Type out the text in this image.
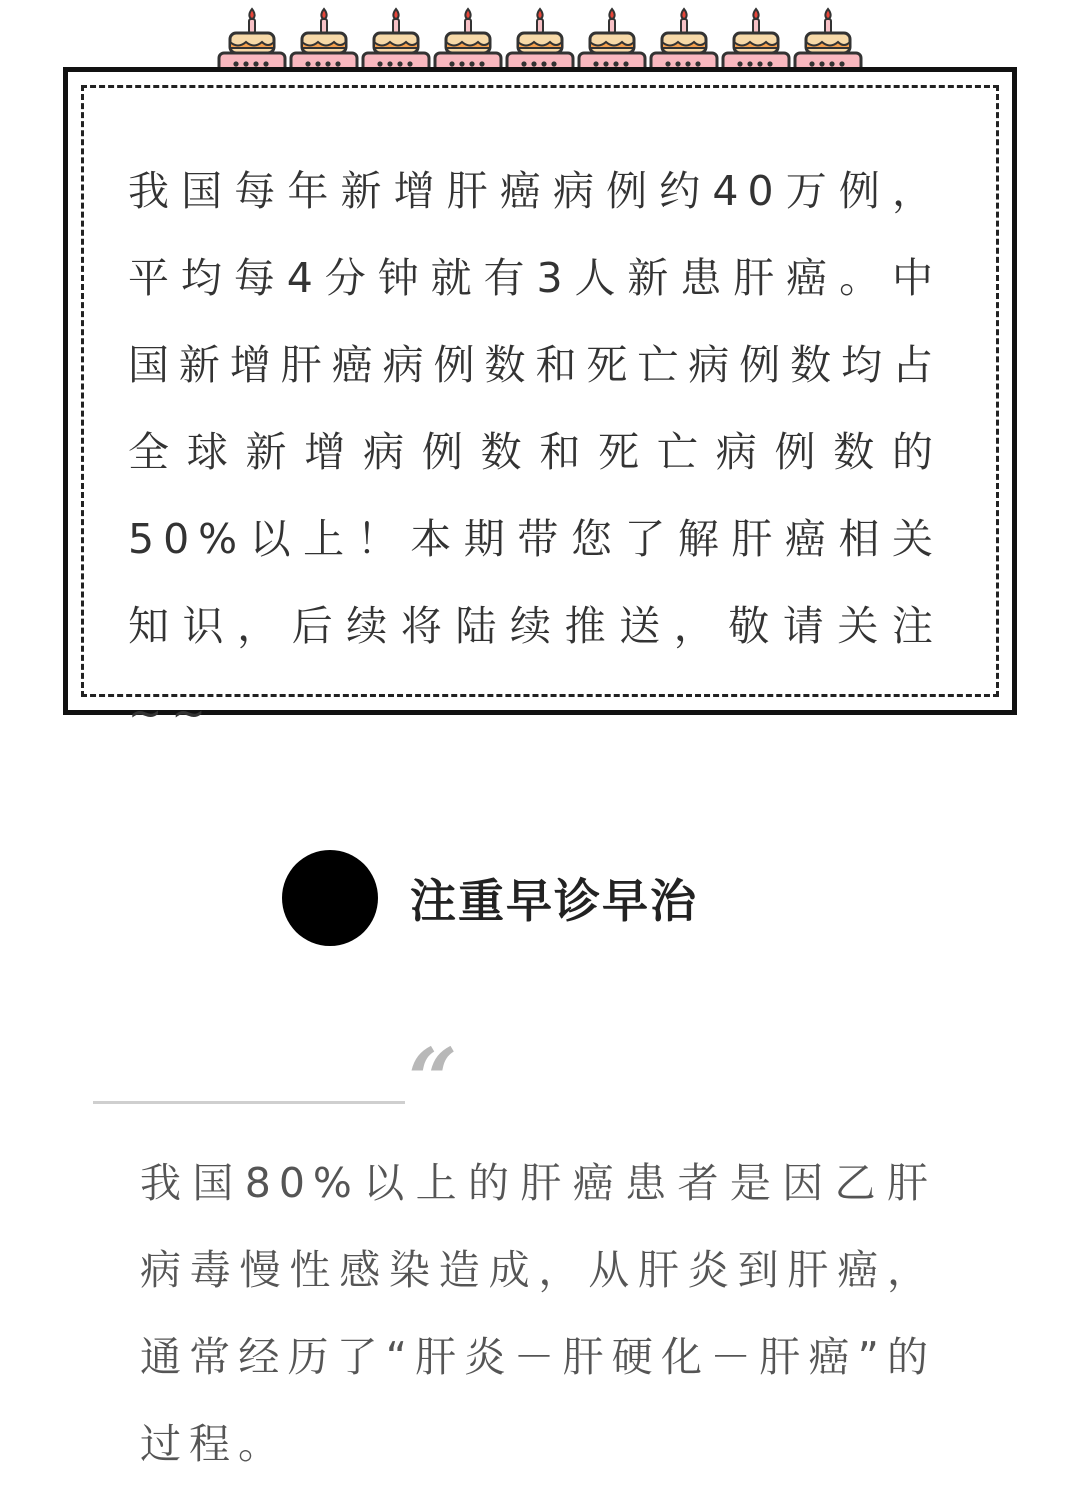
我国每年新增肝癌病例约40万例，平均每4分钟就有3人新患肝癌。中国新增肝癌病例数和死亡病例数均占全球新增病例数和死亡病例数的50%以上！本期带您了解肝癌相关知识，后续将陆续推送，敬请关注~~

注重早诊早治
“

我国80%以上的肝癌患者是因乙肝病毒慢性感染造成，从肝炎到肝癌，通常经历了“肝炎－肝硬化－肝癌”的过程。
